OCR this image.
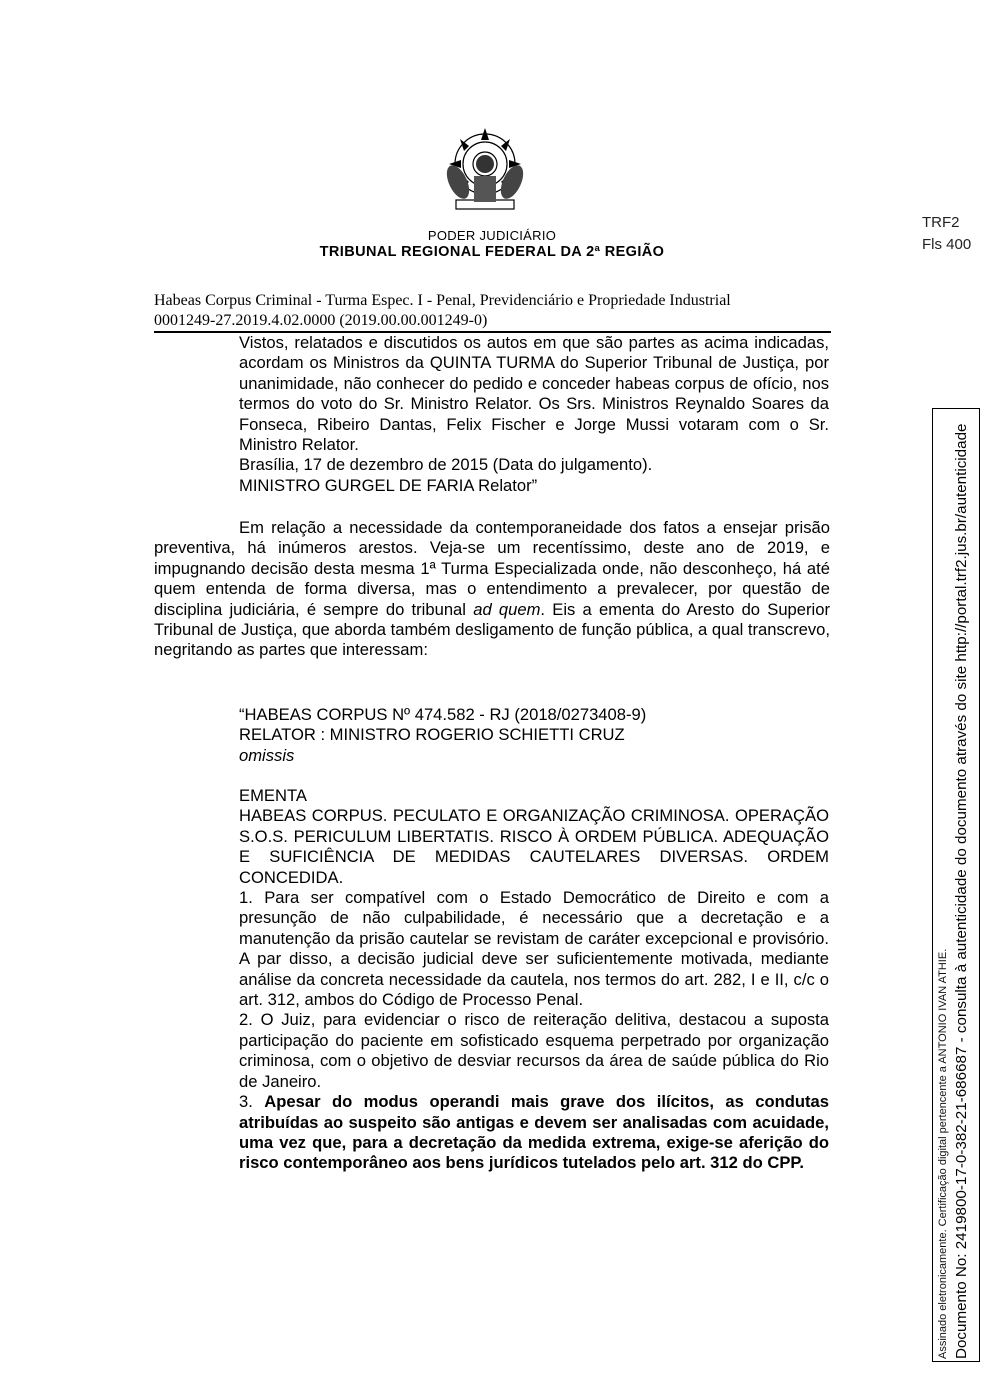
PODER JUDICIÁRIO
TRIBUNAL REGIONAL FEDERAL DA 2ª REGIÃO
TRF2
Fls 400
Habeas Corpus Criminal - Turma Espec. I - Penal, Previdenciário e Propriedade Industrial
0001249-27.2019.4.02.0000 (2019.00.00.001249-0)

Vistos, relatados e discutidos os autos em que são partes as acima indicadas, acordam os Ministros da QUINTA TURMA do Superior Tribunal de Justiça, por unanimidade, não conhecer do pedido e conceder habeas corpus de ofício, nos termos do voto do Sr. Ministro Relator. Os Srs. Ministros Reynaldo Soares da Fonseca, Ribeiro Dantas, Felix Fischer e Jorge Mussi votaram com o Sr. Ministro Relator.

Brasília, 17 de dezembro de 2015 (Data do julgamento).

MINISTRO GURGEL DE FARIA Relator”

Em relação a necessidade da contemporaneidade dos fatos a ensejar prisão preventiva, há inúmeros arestos. Veja-se um recentíssimo, deste ano de 2019, e impugnando decisão desta mesma 1ª Turma Especializada onde, não desconheço, há até quem entenda de forma diversa, mas o entendimento a prevalecer, por questão de disciplina judiciária, é sempre do tribunal ad quem. Eis a ementa do Aresto do Superior Tribunal de Justiça, que aborda também desligamento de função pública, a qual transcrevo, negritando as partes que interessam:

“HABEAS CORPUS Nº 474.582 - RJ (2018/0273408-9)

RELATOR : MINISTRO ROGERIO SCHIETTI CRUZ

omissis

EMENTA

HABEAS CORPUS. PECULATO E ORGANIZAÇÃO CRIMINOSA. OPERAÇÃO S.O.S. PERICULUM LIBERTATIS. RISCO À ORDEM PÚBLICA. ADEQUAÇÃO E SUFICIÊNCIA DE MEDIDAS CAUTELARES DIVERSAS. ORDEM CONCEDIDA.

1. Para ser compatível com o Estado Democrático de Direito e com a presunção de não culpabilidade, é necessário que a decretação e a manutenção da prisão cautelar se revistam de caráter excepcional e provisório. A par disso, a decisão judicial deve ser suficientemente motivada, mediante análise da concreta necessidade da cautela, nos termos do art. 282, I e II, c/c o art. 312, ambos do Código de Processo Penal.

2. O Juiz, para evidenciar o risco de reiteração delitiva, destacou a suposta participação do paciente em sofisticado esquema perpetrado por organização criminosa, com o objetivo de desviar recursos da área de saúde pública do Rio de Janeiro.

3. Apesar do modus operandi mais grave dos ilícitos, as condutas atribuídas ao suspeito são antigas e devem ser analisadas com acuidade, uma vez que, para a decretação da medida extrema, exige-se aferição do risco contemporâneo aos bens jurídicos tutelados pelo art. 312 do CPP.	Assinado eletronicamente. Certificação digital pertencente a ANTONIO IVAN ATHIE. Documento No: 2419800-17-0-382-21-686687 - consulta à autenticidade do documento através do site http://portal.trf2.jus.br/autenticidade
